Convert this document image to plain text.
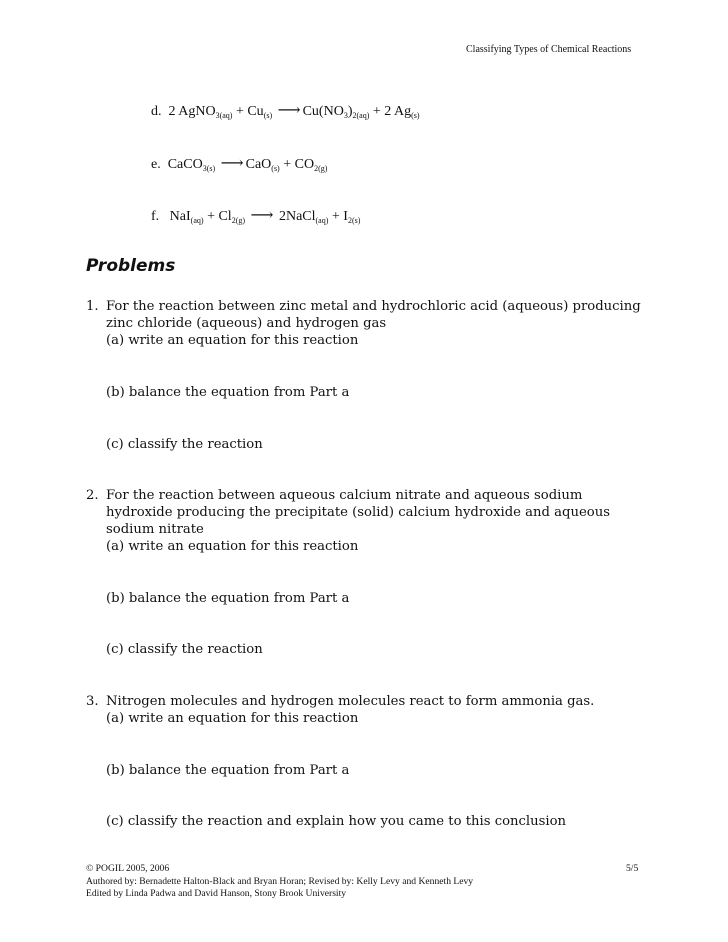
Classifying Types of Chemical Reactions
d. 2 AgNO$_{3(aq)}$ + $Cu_{(s)}$ ⟶ $Cu(NO_3)_{2(aq)} + 2$ $Ag_{(s)}$
e. CaCO$_{3(s)}$ ⟶ $CaO_{(s)} + CO_{2(g)}$
f. $NaI_{(aq)} + Cl_{2(g)}$ ⟶ 2NaCl$_{(aq)}$ + $I_{2(s)}$
Problems
1. For the reaction between zinc metal and hydrochloric acid (aqueous) producing
zinc chloride (aqueous) and hydrogen gas
(a) write an equation for this reaction
(b) balance the equation from Part a
(c) classify the reaction
2. For the reaction between aqueous calcium nitrate and aqueous sodium
hydroxide producing the precipitate (solid) calcium hydroxide and aqueous
sodium nitrate
(a) write an equation for this reaction
(b) balance the equation from Part a
(c) classify the reaction
3. Nitrogen molecules and hydrogen molecules react to form ammonia gas.
(a) write an equation for this reaction
(b) balance the equation from Part a
(c) classify the reaction and explain how you came to this conclusion
© POGIL 2005, 2006	5/5
Authored by: Bernadette Halton-Black and Bryan Horan; Revised by: Kelly Levy and Kenneth Levy
Edited by Linda Padwa and David Hanson, Stony Brook University
